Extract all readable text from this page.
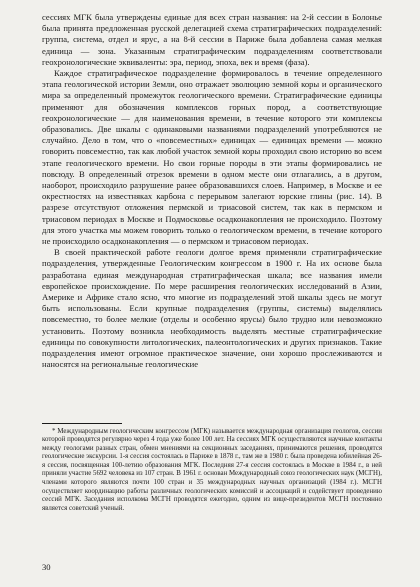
сессиях МГК была утверждены единые для всех стран названия: на 2-й сессии в Болонье была принята предложенная русской делегацией схема стратиграфических подразделений: группа, система, отдел и ярус, а на 8-й сессии в Париже была добавлена самая мелкая единица — зона. Указанным стратиграфическим подразделениям соответствовали геохронологические эквиваленты: эра, период, эпоха, век и время (фаза).

Каждое стратиграфическое подразделение формировалось в течение определенного этапа геологической истории Земли, оно отражает эволюцию земной коры и органического мира за определенный промежуток геологического времени. Стратиграфические единицы применяют для обозначения комплексов горных пород, а соответствующие геохронологические — для наименования времени, в течение которого эти комплексы образовались. Две шкалы с одинаковыми названиями подразделений употребляются не случайно. Дело в том, что о «повсеместных» единицах — единицах времени — можно говорить повсеместно, так как любой участок земной коры проходил свою историю во всем этапе геологического времени. Но свои горные породы в эти этапы формировались не повсюду. В определенный отрезок времени в одном месте они отлагались, а в другом, наоборот, происходило разрушение ранее образовавшихся слоев. Например, в Москве и ее окрестностях на известняках карбона с перерывом залегают юрские глины (рис. 14). В разрезе отсутствуют отложения пермской и триасовой систем, так как в пермском и триасовом периодах в Москве и Подмосковье осадконакопления не происходило. Поэтому для этого участка мы можем говорить только о геологическом времени, в течение которого не происходило осадконакопления — о пермском и триасовом периодах.

В своей практической работе геологи долгое время применяли стратиграфические подразделения, утвержденные Геологическим конгрессом в 1900 г. На их основе была разработана единая международная стратиграфическая шкала; все названия имели европейское происхождение. По мере расширения геологических исследований в Азии, Америке и Африке стало ясно, что многие из подразделений этой шкалы здесь не могут быть использованы. Если крупные подразделения (группы, системы) выделялись повсеместно, то более мелкие (отделы и особенно ярусы) было трудно или невозможно установить. Поэтому возникла необходимость выделять местные стратиграфические единицы по совокупности литологических, палеонтологических и других признаков. Такие подразделения имеют огромное практическое значение, они хорошо прослеживаются и наносятся на региональные геологические

* Международным геологическим конгрессом (МГК) называется международная организация геологов, сессии которой проводятся регулярно через 4 года уже более 100 лет. На сессиях МГК осуществляются научные контакты между геологами разных стран, обмен мнениями на секционных заседаниях, принимаются решения, проводятся геологические экскурсии. 1-я сессия состоялась в Париже в 1878 г., там же в 1980 г. была проведена юбилейная 26-я сессия, посвященная 100-летию образования МГК. Последняя 27-я сессия состоялась в Москве в 1984 г., в ней приняли участие 5692 человека из 107 стран. В 1961 г. основан Международный союз геологических наук (МСГН), членами которого являются почти 100 стран и 35 международных научных организаций (1984 г.). МСГН осуществляет координацию работы различных геологических комиссий и ассоциаций и содействует проведению сессий МГК. Заседания исполкома МСГН проводятся ежегодно, одним из вице-президентов МСГН постоянно является советский ученый.

30
